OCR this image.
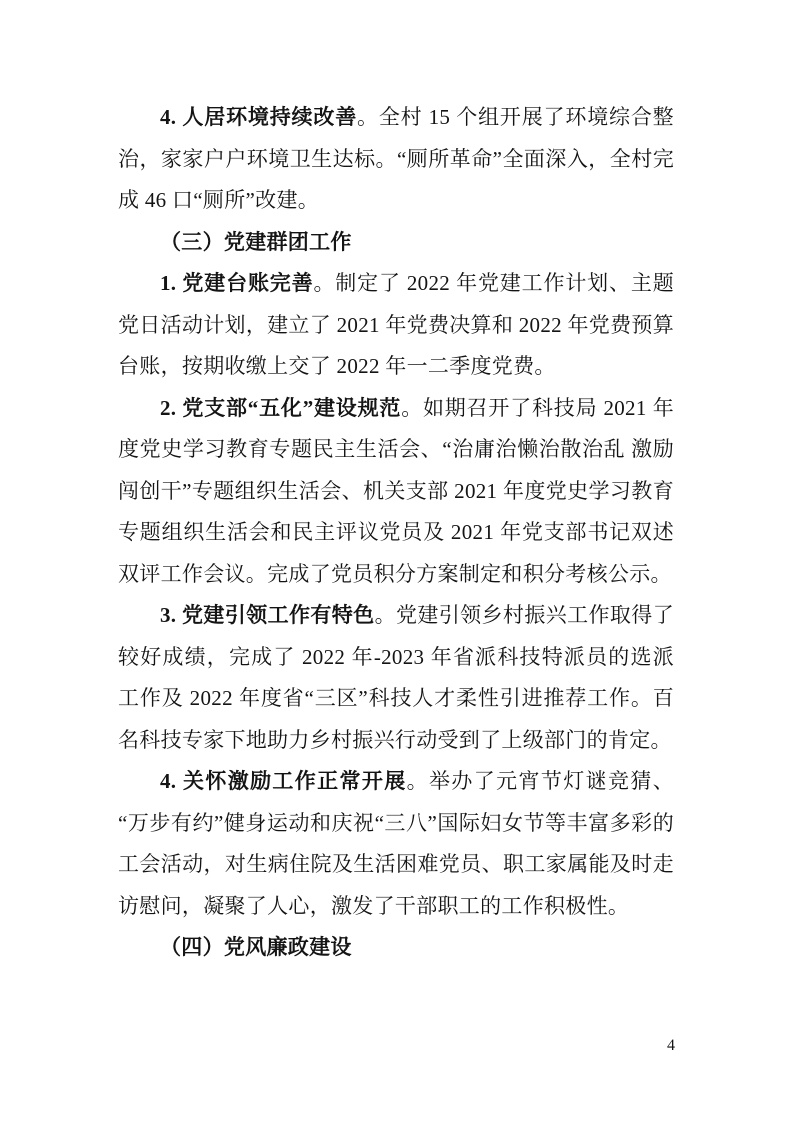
4. 人居环境持续改善。全村 15 个组开展了环境综合整治，家家户户环境卫生达标。“厕所革命”全面深入，全村完成 46 口“厕所”改建。

（三）党建群团工作

1. 党建台账完善。制定了 2022 年党建工作计划、主题党日活动计划，建立了 2021 年党费决算和 2022 年党费预算台账，按期收缴上交了 2022 年一二季度党费。

2. 党支部“五化”建设规范。如期召开了科技局 2021 年度党史学习教育专题民主生活会、“治庸治懒治散治乱 激励闯创干”专题组织生活会、机关支部 2021 年度党史学习教育专题组织生活会和民主评议党员及 2021 年党支部书记双述双评工作会议。完成了党员积分方案制定和积分考核公示。

3. 党建引领工作有特色。党建引领乡村振兴工作取得了较好成绩，完成了 2022 年-2023 年省派科技特派员的选派工作及 2022 年度省“三区”科技人才柔性引进推荐工作。百名科技专家下地助力乡村振兴行动受到了上级部门的肯定。

4. 关怀激励工作正常开展。举办了元宵节灯谜竞猜、“万步有约”健身运动和庆祝“三八”国际妇女节等丰富多彩的工会活动，对生病住院及生活困难党员、职工家属能及时走访慰问，凝聚了人心，激发了干部职工的工作积极性。

（四）党风廉政建设
4
